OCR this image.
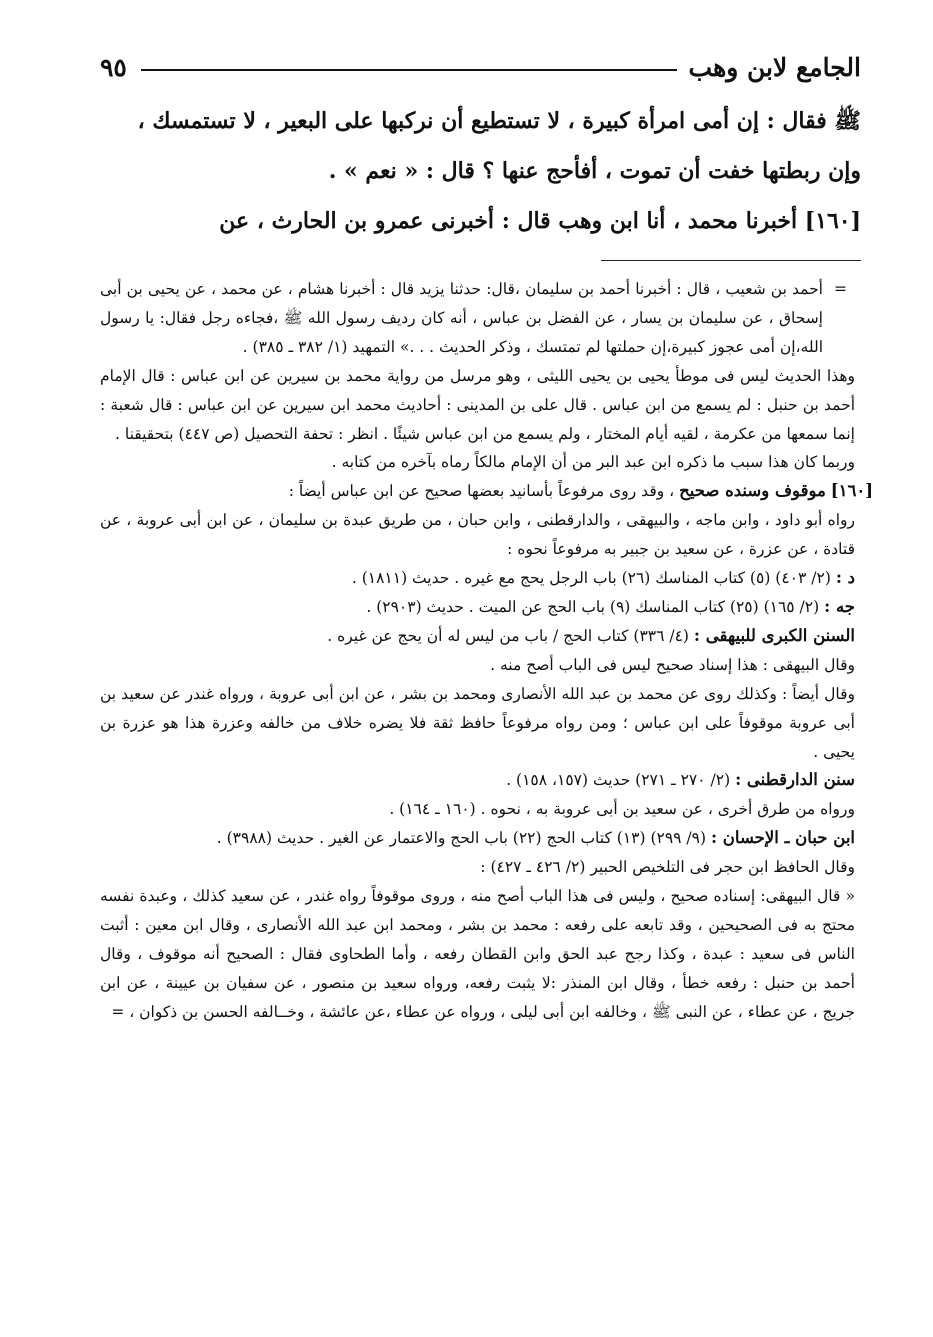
الجامع لابن وهب
٩٥

ﷺ فقال : إن أمى امرأة كبيرة ، لا تستطيع أن نركبها على البعير ، لا تستمسك ،

وإن ربطتها خفت أن تموت ، أفأحج عنها ؟ قال : « نعم » .

[١٦٠] أخبرنا محمد ، أنا ابن وهب قال : أخبرنى عمرو بن الحارث ، عن

=
أحمد بن شعيب ، قال : أخبرنا أحمد بن سليمان ،قال: حدثنا يزيد قال : أخبرنا هشام ، عن محمد ، عن يحيى بن أبى إسحاق ، عن سليمان بن يسار ، عن الفضل بن عباس ، أنه كان رديف رسول الله ﷺ ،فجاءه رجل فقال: يا رسول الله،إن أمى عجوز كبيرة،إن حملتها لم تمتسك ، وذكر الحديث . . .» التمهيد (١/ ٣٨٢ ـ ٣٨٥) .

وهذا الحديث ليس فى موطأ يحيى بن يحيى الليثى ، وهو مرسل من رواية محمد بن سيرين عن ابن عباس : قال الإمام أحمد بن حنبل : لم يسمع من ابن عباس . قال على بن المدينى : أحاديث محمد ابن سيرين عن ابن عباس : قال شعبة : إنما سمعها من عكرمة ، لقيه أيام المختار ، ولم يسمع من ابن عباس شيئًا . انظر : تحفة التحصيل (ص ٤٤٧) بتحقيقنا .

وربما كان هذا سبب ما ذكره ابن عبد البر من أن الإمام مالكاً رماه بآخره من كتابه .

[١٦٠] موقوف وسنده صحيح ، وقد روى مرفوعاً بأسانيد بعضها صحيح عن ابن عباس أيضاً :

رواه أبو داود ، وابن ماجه ، والبيهقى ، والدارقطنى ، وابن حبان ، من طريق عبدة بن سليمان ، عن ابن أبى عروبة ، عن قتادة ، عن عزرة ، عن سعيد بن جبير به مرفوعاً نحوه :

د : (٢/ ٤٠٣) (٥) كتاب المناسك (٢٦) باب الرجل يحج مع غيره . حديث (١٨١١) .

جه : (٢/ ١٦٥) (٢٥) كتاب المناسك (٩) باب الحج عن الميت . حديث (٢٩٠٣) .

السنن الكبرى للبيهقى : (٤/ ٣٣٦) كتاب الحج / باب من ليس له أن يحج عن غيره .

وقال البيهقى : هذا إسناد صحيح ليس فى الباب أصح منه .

وقال أيضاً : وكذلك روى عن محمد بن عبد الله الأنصارى ومحمد بن بشر ، عن ابن أبى عروبة ، ورواه غندر عن سعيد بن أبى عروبة موقوفاً على ابن عباس ؛ ومن رواه مرفوعاً حافظ ثقة فلا يضره خلاف من خالفه وعزرة هذا هو عزرة بن يحيى .

سنن الدارقطنى : (٢/ ٢٧٠ ـ ٢٧١) حديث (١٥٧، ١٥٨) .

ورواه من طرق أخرى ، عن سعيد بن أبى عروبة به ، نحوه . (١٦٠ ـ ١٦٤) .

ابن حبان ـ الإحسان : (٩/ ٢٩٩) (١٣) كتاب الحج (٢٢) باب الحج والاعتمار عن الغير . حديث (٣٩٨٨) .

وقال الحافظ ابن حجر فى التلخيص الحبير (٢/ ٤٢٦ ـ ٤٢٧) :

« قال البيهقى: إسناده صحيح ، وليس فى هذا الباب أصح منه ، وروى موقوفاً رواه غندر ، عن سعيد كذلك ، وعبدة نفسه محتج به فى الصحيحين ، وقد تابعه على رفعه : محمد بن بشر ، ومحمد ابن عبد الله الأنصارى ، وقال ابن معين : أثبت الناس فى سعيد : عبدة ، وكذا رجح عبد الحق وابن القطان رفعه ، وأما الطحاوى فقال : الصحيح أنه موقوف ، وقال أحمد بن حنبل : رفعه خطأ ، وقال ابن المنذر :لا يثبت رفعه، ورواه سعيد بن منصور ، عن سفيان بن عيينة ، عن ابن جريج ، عن عطاء ، عن النبى ﷺ ، وخالفه ابن أبى ليلى ، ورواه عن عطاء ،عن عائشة ، وخــالفه الحسن بن ذكوان ، =
